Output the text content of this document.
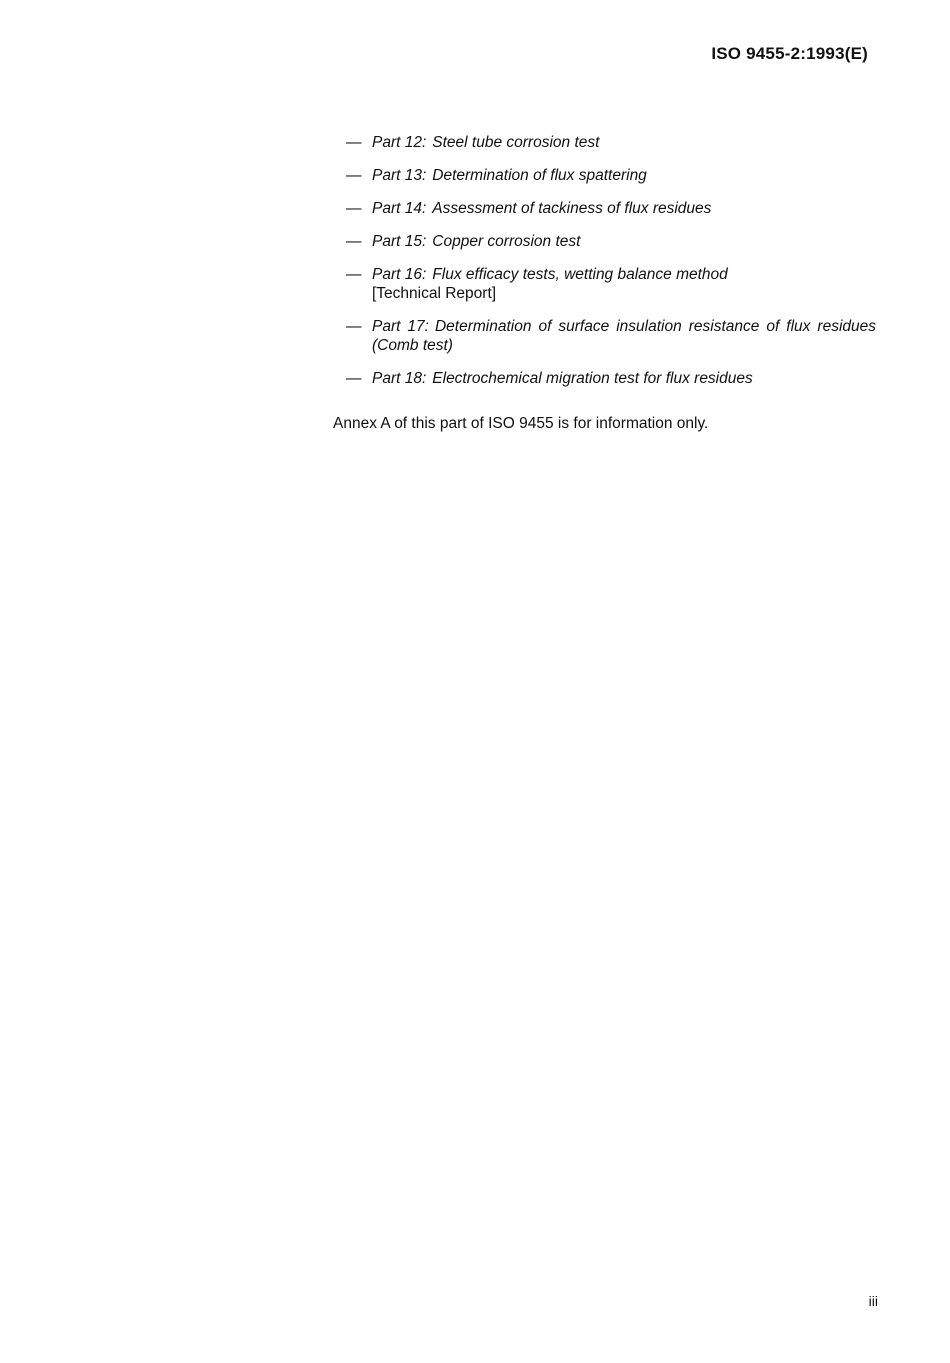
ISO 9455-2:1993(E)
— Part 12: Steel tube corrosion test
— Part 13: Determination of flux spattering
— Part 14: Assessment of tackiness of flux residues
— Part 15: Copper corrosion test
— Part 16: Flux efficacy tests, wetting balance method
[Technical Report]
— Part 17: Determination of surface insulation resistance of flux residues (Comb test)
— Part 18: Electrochemical migration test for flux residues

Annex A of this part of ISO 9455 is for information only.

iii
